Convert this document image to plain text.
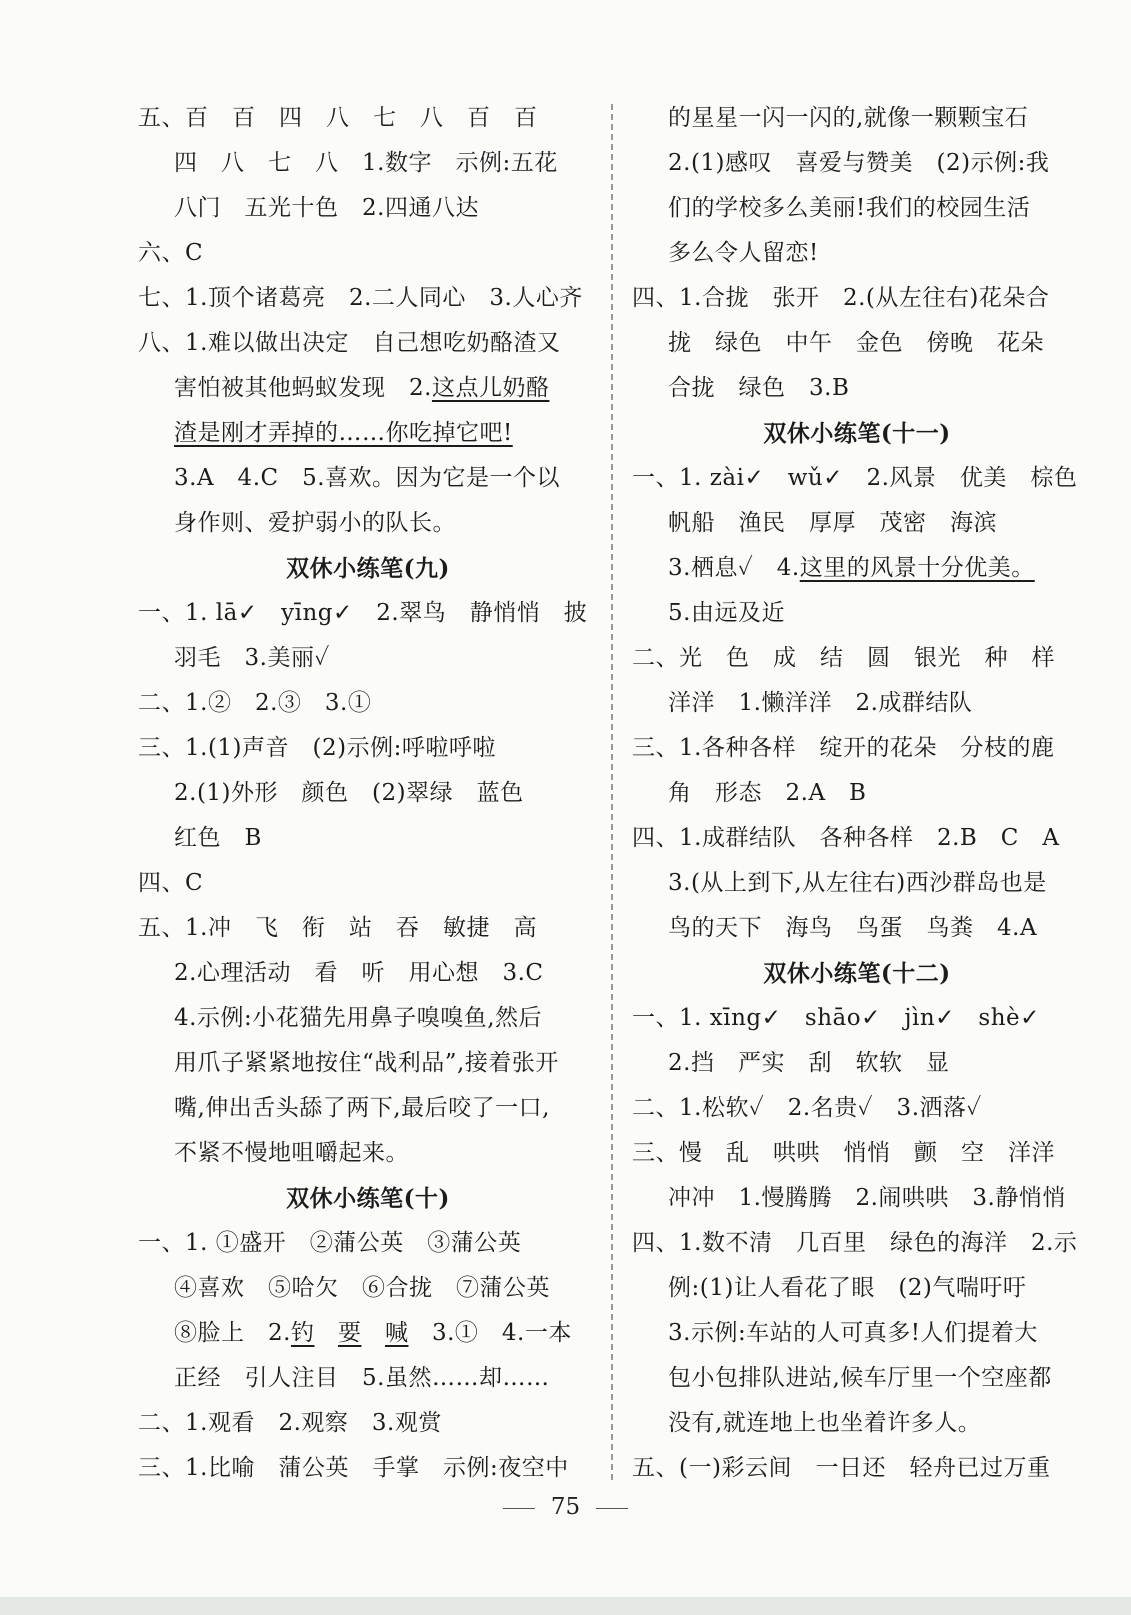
五、百　百　四　八　七　八　百　百
四　八　七　八　1.数字　示例:五花
八门　五光十色　2.四通八达
六、C
七、1.顶个诸葛亮　2.二人同心　3.人心齐
八、1.难以做出决定　自己想吃奶酪渣又
害怕被其他蚂蚁发现　2.这点儿奶酪
渣是刚才弄掉的……你吃掉它吧!
3.A　4.C　5.喜欢。因为它是一个以
身作则、爱护弱小的队长。
双休小练笔(九)
一、1. lā✓　yīng✓　2.翠鸟　静悄悄　披
羽毛　3.美丽✓
二、1.②　2.③　3.①
三、1.(1)声音　(2)示例:呼啦呼啦
2.(1)外形　颜色　(2)翠绿　蓝色
红色　B
四、C
五、1.冲　飞　衔　站　吞　敏捷　高
2.心理活动　看　听　用心想　3.C
4.示例:小花猫先用鼻子嗅嗅鱼,然后
用爪子紧紧地按住“战利品”,接着张开
嘴,伸出舌头舔了两下,最后咬了一口,
不紧不慢地咀嚼起来。
双休小练笔(十)
一、1. ①盛开　②蒲公英　③蒲公英
④喜欢　⑤哈欠　⑥合拢　⑦蒲公英
⑧脸上　2.钓　 要　 喊　3.①　4.一本
正经　引人注目　5.虽然……却……
二、1.观看　2.观察　3.观赏
三、1.比喻　蒲公英　手掌　示例:夜空中
的星星一闪一闪的,就像一颗颗宝石
2.(1)感叹　喜爱与赞美　(2)示例:我
们的学校多么美丽!我们的校园生活
多么令人留恋!
四、1.合拢　张开　2.(从左往右)花朵合
拢　绿色　中午　金色　傍晚　花朵
合拢　绿色　3.B
双休小练笔(十一)
一、1. zài✓　wǔ✓　2.风景　优美　棕色
帆船　渔民　厚厚　茂密　海滨
3.栖息✓　4.这里的风景十分优美。
5.由远及近
二、光　色　成　结　圆　银光　种　样
洋洋　1.懒洋洋　2.成群结队
三、1.各种各样　绽开的花朵　分枝的鹿
角　形态　2.A　B
四、1.成群结队　各种各样　2.B　C　A
3.(从上到下,从左往右)西沙群岛也是
鸟的天下　海鸟　鸟蛋　鸟粪　4.A
双休小练笔(十二)
一、1. xīng✓　shāo✓　jìn✓　shè✓
2.挡　严实　刮　软软　显
二、1.松软✓　2.名贵✓　3.洒落✓
三、慢　乱　哄哄　悄悄　颤　空　洋洋
冲冲　1.慢腾腾　2.闹哄哄　3.静悄悄
四、1.数不清　几百里　绿色的海洋　2.示
例:(1)让人看花了眼　(2)气喘吁吁
3.示例:车站的人可真多!人们提着大
包小包排队进站,候车厅里一个空座都
没有,就连地上也坐着许多人。
五、(一)彩云间　一日还　轻舟已过万重
75
